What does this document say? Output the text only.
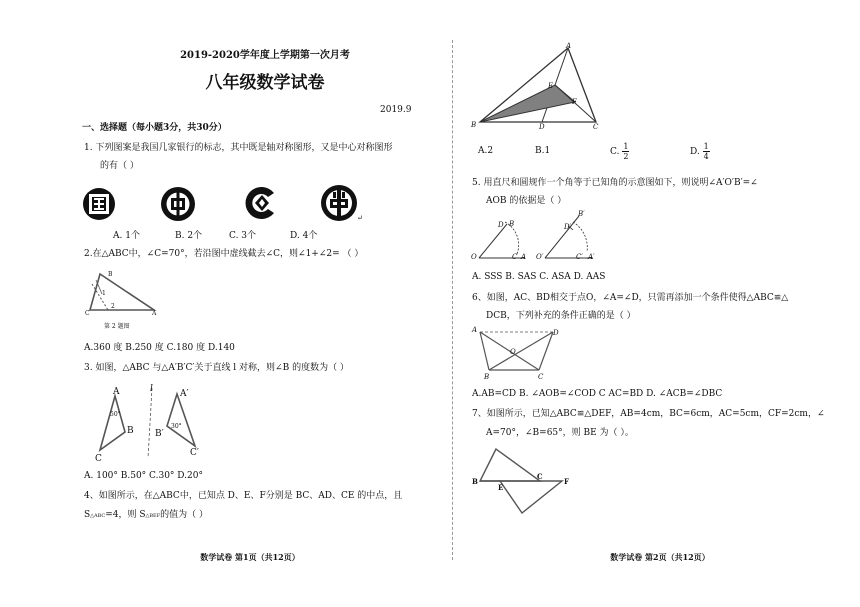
2019-2020学年度上学期第一次月考
八年级数学试卷
2019.9
一、选择题（每小题3分，共30分）
1. 下列图案是我国几家银行的标志，其中既是轴对称图形，又是中心对称图形
的有（ ）
↵
A. 1个	B. 2个	C. 3个	D. 4个
2.在△ABC中，∠C=70°，若沿图中虚线截去∠C，则∠1+∠2= （ ）
B
C	A
1
2
第 2 题图
A.360 度 B.250 度 C.180 度 D.140
3. 如图，△ABC 与△A′B′C′关于直线 l 对称，则∠B 的度数为（ ）
A
50°
B
C
l	A′
30°
B′
C′
A. 100° B.50° C.30° D.20°
4、如图所示，在△ABC中，已知点 D、E、F分别是 BC、AD、CE 的中点，且
S△ABC=4，则 S△BEF的值为（ ）
数学试卷 第1页（共12页）
A
E
F
B	D	C
A.2	B.1	C. $\frac{1}{2}$	D. $\frac{1}{4}$
5. 用直尺和圆规作一个角等于已知角的示意图如下，则说明∠A′O′B′=∠
AOB 的依据是（ ）
O	C A
D B
O′	C′ A′
D′
B′
A. SSS B. SAS C. ASA D. AAS
6、如图，AC、BD相交于点O，∠A=∠D，只需再添加一个条件使得△ABC≌△
DCB，下列补充的条件正确的是（ ）
A	D
O
B	C
A.AB=CD B. ∠AOB=∠COD C AC=BD D. ∠ACB=∠DBC
7、如图所示，已知△ABC≌△DEF，AB=4cm，BC=6cm，AC=5cm，CF=2cm，∠
A=70°，∠B=65°，则 BE 为（ ）。
B
E
C
F
数学试卷 第2页（共12页）
